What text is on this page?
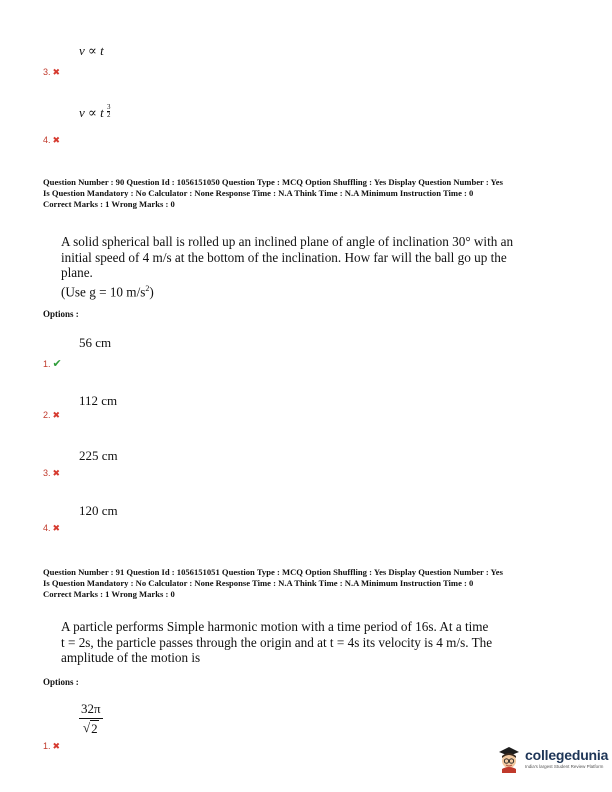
v ∝ t
3. ✖
v ∝ t $\frac{3}{2}$
4. ✖
Question Number : 90 Question Id : 1056151050 Question Type : MCQ Option Shuffling : Yes Display Question Number : Yes
Is Question Mandatory : No Calculator : None Response Time : N.A Think Time : N.A Minimum Instruction Time : 0
Correct Marks : 1 Wrong Marks : 0
A solid spherical ball is rolled up an inclined plane of angle of inclination 30° with an
initial speed of 4 m/s at the bottom of the inclination. How far will the ball go up the
plane.
(Use g = 10 $m/s^2$)
Options :
56 cm
1. ✔
112 cm
2. ✖
225 cm
3. ✖
120 cm
4. ✖
Question Number : 91 Question Id : 1056151051 Question Type : MCQ Option Shuffling : Yes Display Question Number : Yes
Is Question Mandatory : No Calculator : None Response Time : N.A Think Time : N.A Minimum Instruction Time : 0
Correct Marks : 1 Wrong Marks : 0
A particle performs Simple harmonic motion with a time period of 16s. At a time
t = 2s, the particle passes through the origin and at t = 4s its velocity is 4 m/s. The
amplitude of the motion is
Options :
$\frac{32\pi}{√ 2}$
1. ✖
collegedunia
India's largest Student Review Platform
